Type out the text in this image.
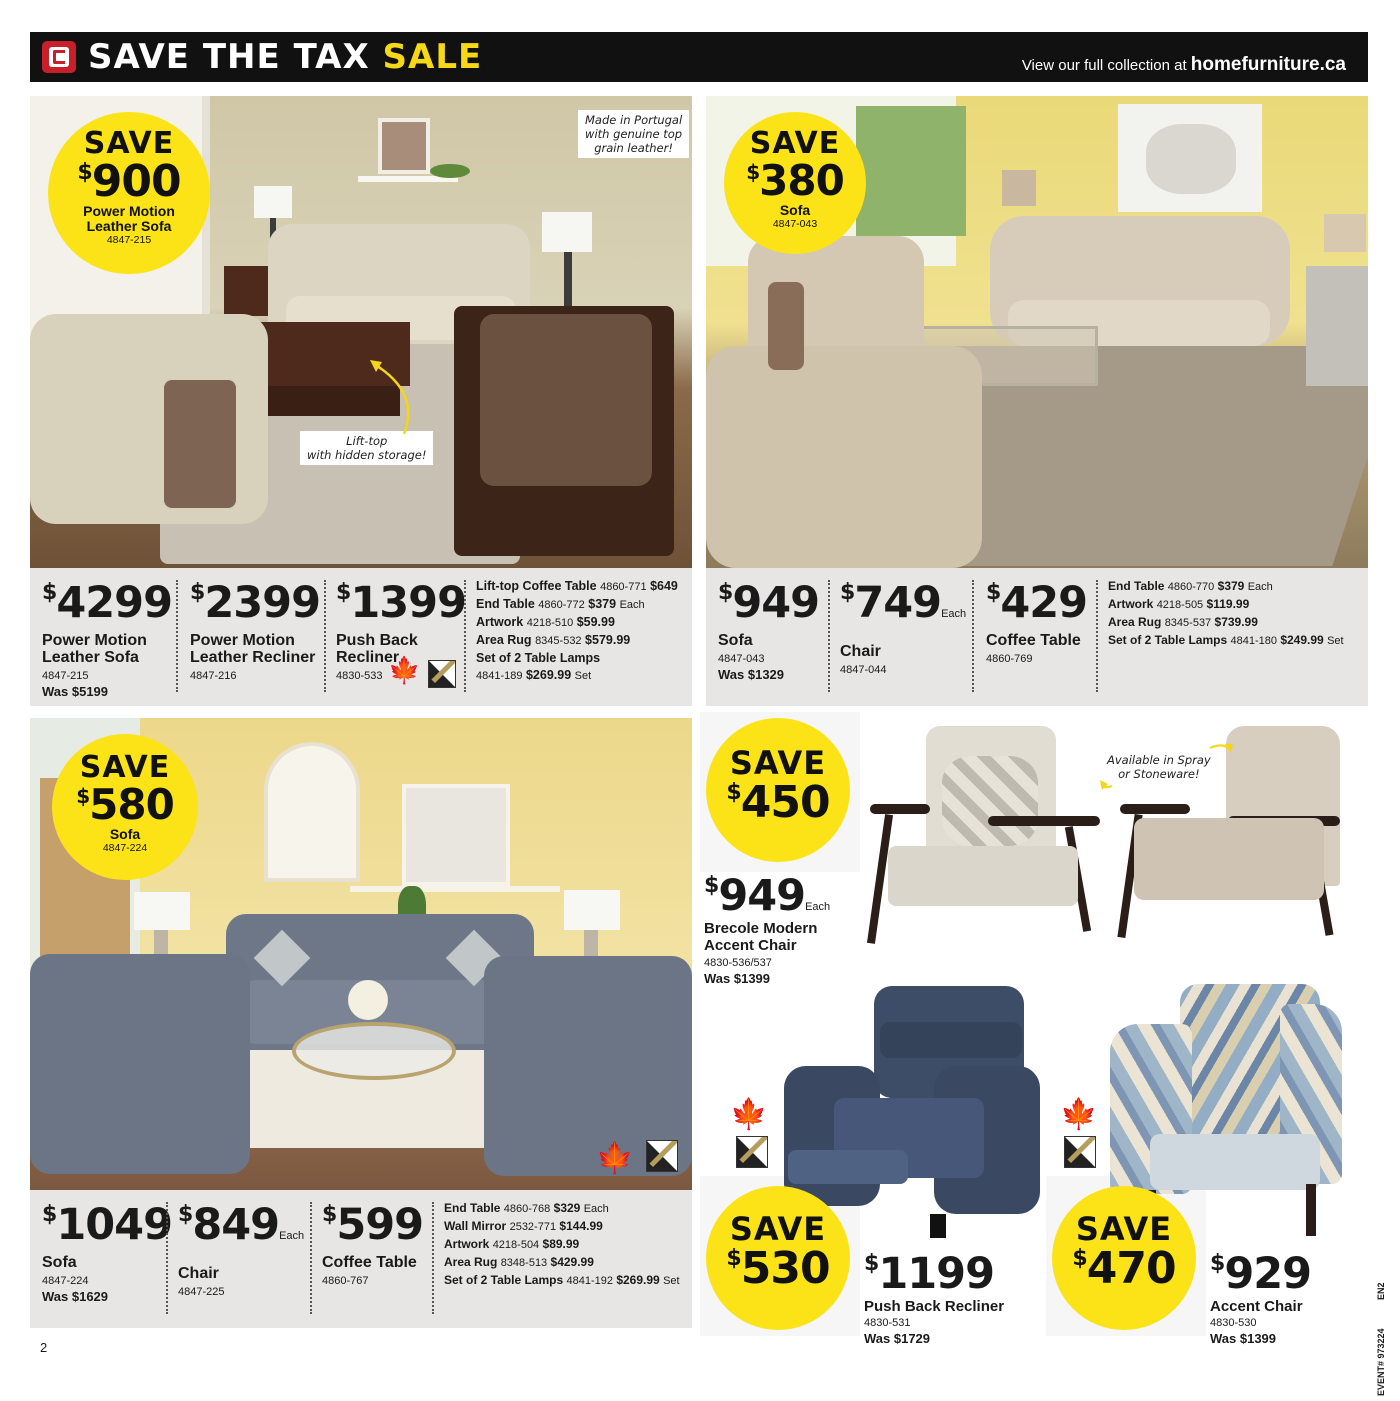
SAVE THE TAX SALE	View our full collection at homefurniture.ca
Made in Portugal
with genuine top
grain leather!
Lift-top
with hidden storage!
🍁
SAVE
$900
Power Motion
Leather Sofa
4847-215
SAVE
$380
Sofa
4847-043
SAVE
$580
Sofa
4847-224
$4299
Power Motion
Leather Sofa
4847-215
Was $5199
$2399
Power Motion
Leather Recliner
4847-216
$1399
Push Back
Recliner
4830-533 🍁
Lift-top Coffee Table 4860-771 $649
End Table 4860-772 $379 Each
Artwork 4218-510 $59.99
Area Rug 8345-532 $579.99
Set of 2 Table Lamps
4841-189 $269.99 Set
$949
Sofa
4847-043
Was $1329
$749Each
Chair
4847-044
$429
Coffee Table
4860-769
End Table 4860-770 $379 Each
Artwork 4218-505 $119.99
Area Rug 8345-537 $739.99
Set of 2 Table Lamps 4841-180 $249.99 Set
$1049
Sofa
4847-224
Was $1629
$849Each
Chair
4847-225
$599
Coffee Table
4860-767
End Table 4860-768 $329 Each
Wall Mirror 2532-771 $144.99
Artwork 4218-504 $89.99
Area Rug 8348-513 $429.99
Set of 2 Table Lamps 4841-192 $269.99 Set
Available in Spray
or Stoneware!
SAVE
$450
$949Each
Brecole Modern
Accent Chair
4830-536/537
Was $1399
🍁
SAVE
$530	$1199
Push Back Recliner
4830-531
Was $1729
🍁
SAVE
$470	$929
Accent Chair
4830-530
Was $1399
2
EN2
EVENT# 973224
